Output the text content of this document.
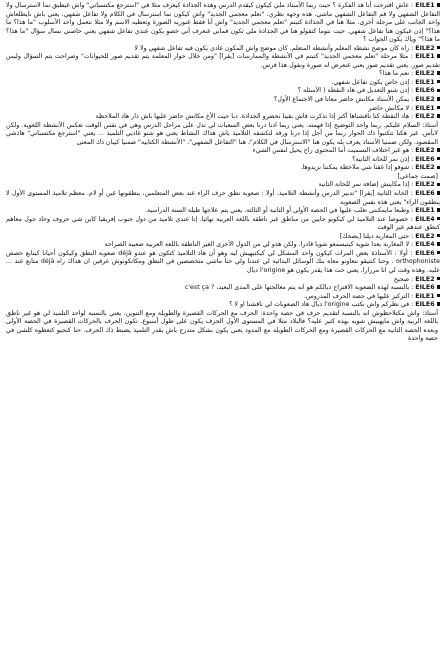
EILE1 : عاش اقترحت أنا هذ الفكرة ؟ حيث ربما الأستاذ ملي كيكون كيقدم الدرس وهذه الجذاذة كيعرف مثلا في "استرجع مكتسباتي" واش غيطبق نما لاسترسال ولا التفاعل الشفهي ولا قم التفاعل الشفهي ماشي. هذه وجهة نظري. "تعلم معجمي الجديد" واش كيكون نما استرسال في الكلام ولا تفاعل شفهي. يعني باش نايطلعاش واحد الجانب على مرحلة أخرى. مثلا هنا في الجذاذة كتبتم "تعلم معجمي الجديد" واش أنا فقط غنوريه الصورة وتعطيه الاسم ولا مثلا نتعمل واحد الأسلوب "ما هذا؟ ما هذا؟" إذن غيكون هنا تفاعل شفهي. حيت نتوما كتقولو هنا في الجذاذة ملي تكون قماني غنعرف أني خصو يكون عندي تفاعل شفهي يعني خاصني نسال سؤال "ما هذا؟ ما هذا؟" وياك يكون الجواب ؟

EILE2 : راه كان موضح نشطة المعلم وأنشطة المتعلم. كان موضح واش المكون غادي يكون فيه تفاعل شفهي ولا لا

EILE1 : مثلا مرحلة "تعلم معجمي الجديد" كتبتم في الأنشطة والممارسات [يقرا] "ومن خلال حوار المعلمة يتم تقديم صور للحيوانات" وصراحت يتم السؤال وليس تقديم صور. يعني تقديم صور يعني غنعرض له صورة ونقول هذا فرس.

EILE2 : نعم ما هذا؟

EILE1 : إذن خاص يكون تفاعل شفهي.

EILE6 : إذن شنو التعديل في هاد النقطة ( الأسئلة ؟

EILE2 : يمكن الأستاذ مكانش حاضر معانا في الاجتماع الأول؟

EILE1 : لا مكانش حاضر

EILE2 : هاد النقطة كنا ناقشناها أكتر إذا تذكرت فاش بقينا نحضرو الجذاذة. دبا حيت الأخ مكانش حاضر عليها باش دار هاد الملاحظة

أستاذ: السلام عليكم. ربما واحد التوضيح إذا فهمته. يعني ربما ادنا درنا بعض السعبات لي تدل على مراحل الدرس وهي في نفس الوقت تعكس الأنشطة اللغوية. ولكن لابأس. غير هكنا نتكتبوا ذك الحوار ربما من أجل إذا درنا ورقة لتكشفه التلاميذ باش هذاك النشاط يعني هو شنو غاديي التلميذ ... يعني "استرجع مكتسباتي" هاذشي المقصود. ولكن ضمنيا الأستاذ يعرف بله يكون هنا "الاسترسال في الكلام"، هنا "التفاعل الشفهي"، "الأنشطة الكتابية" ضمنيا كيبان ذك المعنى

EILE2 : هو غير اختلاف التسميت أما المحتوى راح يحيل لنفس الشيء

EILE6 : إذن نمر للخانة الثانية؟

EILE2 : شوفو إذا غقنا شي ملاحظة يمكننا نزيدوها.

[صمت جماعي]

EILE2 : إذا مكاينش إضافة نمر للخانة الثانية

EILE6 : الخانة الثانية [يقرا] "تدبير الدرس وأنشطة التلاميذ. أولا : صعوبة نطق حرف الراء عند بعض المتعلمين، ينطقونها غين أو لام. معظم تلاميذ المستوى الأول لا ينطقون الراء" يعني هذه نفس الصعوبة

EILE1 : وطبعا مايمكنتي تغلب عليها في الحصة الأولى أو الثانية أو الثالثة. يعني يتم علاجها طيلة السنة الدراسية.

EILE4 : خصوصا عند التلاميذ لي كيكونو جايين من مناطق غير ناطقة باللغة العربية نهائيا. إنا عندي تلاميذ من دول جنوب إفريقيا كاين شي حروف وخاد حول معاهم كنطق عندهم غير الوقت

EILE2 : حتى المغاربة ديلنا [يضحك]

EILE4 : لا المغاربة بعدا شوية كيتيسمعو شويا قادرا. ولكن هذو لي من الدول الأخرى الغير الناطقة باللغة العربية صعيبة الصراحة

EILE6 : أولا : الأستاذة بعض المرات كيكون واحد المشكل لي كيكتبهيش ليه وهو أن هاذ التلاميذ كتكون هو عندو déjà صعوبة النطق وكيكون أحيانا كيتابع حصص orthophoniste . وحنا كنتيقو نتعاونو معاه بنك الوسائل البدائية لي عندنا ولي حنا ماشي متخصصين في النطق ومكانكونوش عرفين ان هداك راه déjà متابع عند ... عليه. وهذه وقت لي انا مررارا. يعني حت هذا يقدر يكون هو l'origine ديال

EILE2 : صحيح

EILE6 : بالنسبة لهذه الصعوبة الاقتراح ديالكم هو انه يتم معالجتها على المدى البعيد، ? c'est ça

EILE1 : التركيز عليها في حصة الحرف المدروس.

EILE6 : في نظركم واش نكتب l'origine ديال هاد الصعوبات لي ناقشنا او لا ؟

أستاذ: واش مكتلاحظوش انه بالنسبة لتقديم حرف في حصة واحدة: الحرف مع الحركات القصيرة والطويلة ومع التنوين، يعني بالنسبة لواحد التلميذ لي هو غير ناطق باللغة الربية واش مايهبيش شويه بهذه كثير عليه؟ فالبلاد مثلا في المستوى الأول الحرف يكون على طول أسبوع. نكون الحرف بالحركات القصيرة في الحصة الأولى وبعده الحصة الثانية مع الحركات القصيرة ومع الحركات الطويلة مع المدود يعني يكون بشكل متدرج باش يقدر التلميذ يضبط ذك الحرف. حنا كنجيو كتعطوه كلشي في حصة واحدة
